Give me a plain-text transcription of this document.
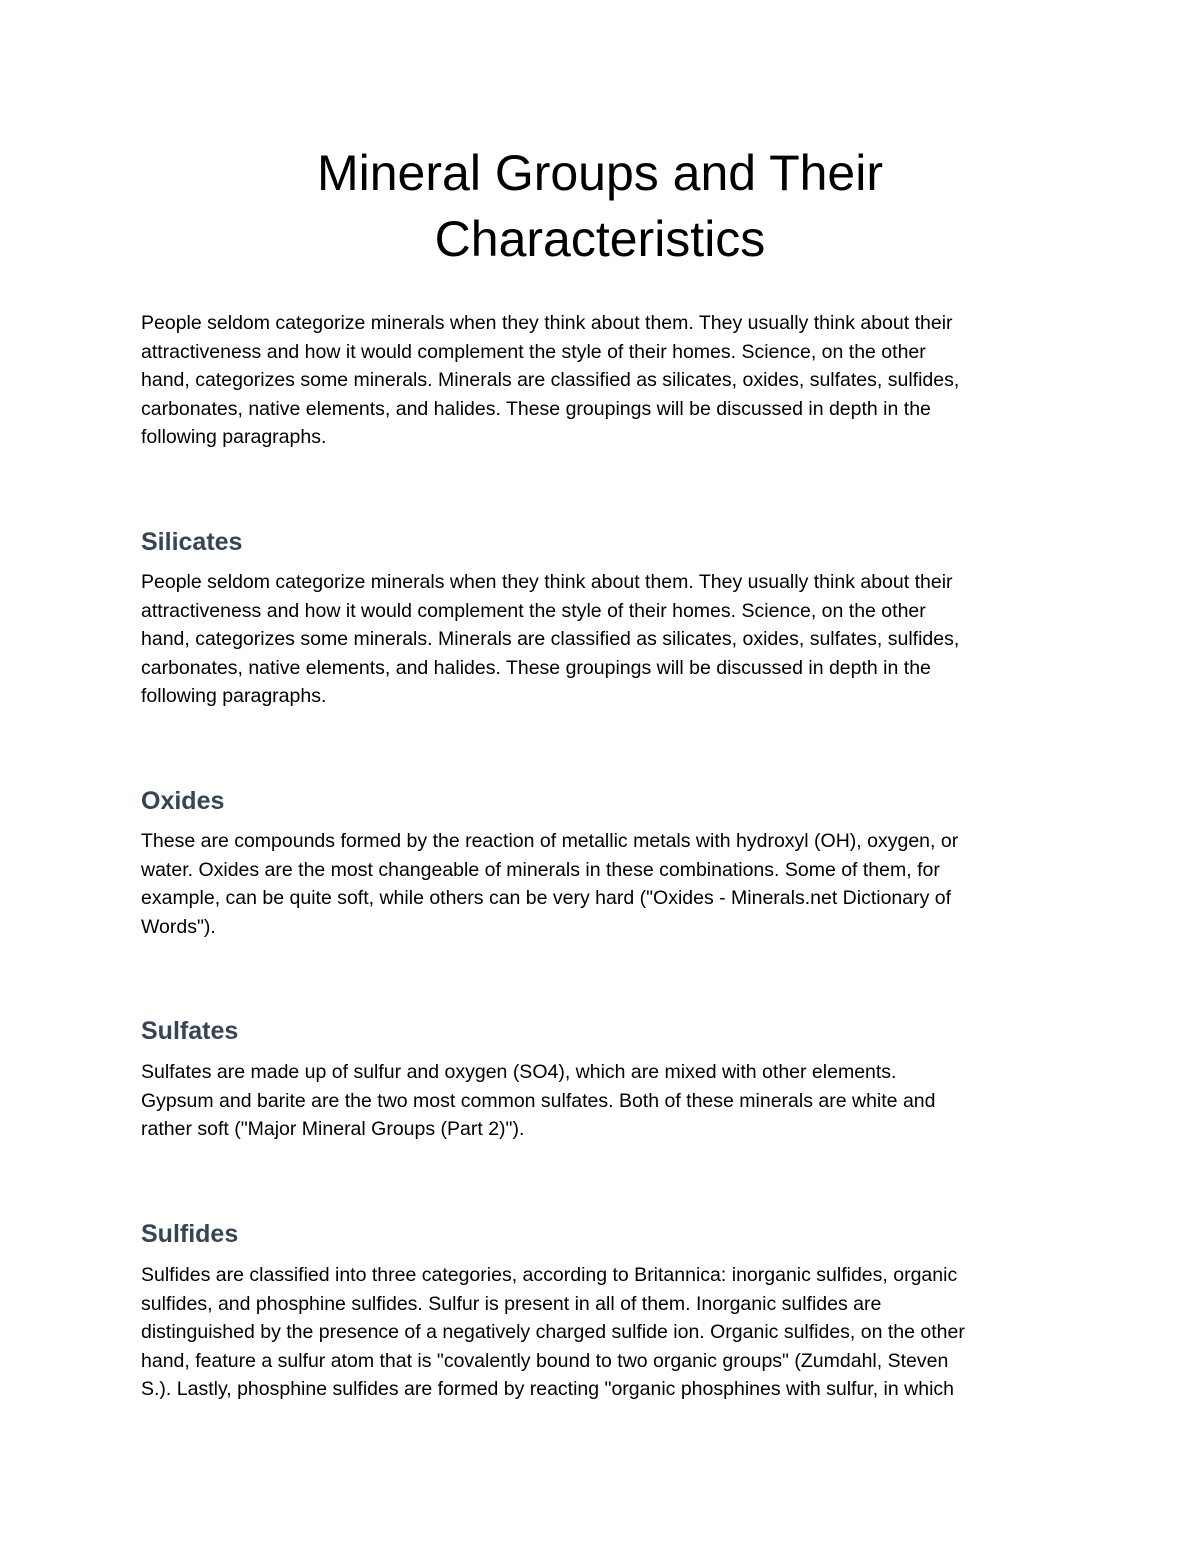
Mineral Groups and Their
Characteristics

People seldom categorize minerals when they think about them. They usually think about their
attractiveness and how it would complement the style of their homes. Science, on the other
hand, categorizes some minerals. Minerals are classified as silicates, oxides, sulfates, sulfides,
carbonates, native elements, and halides. These groupings will be discussed in depth in the
following paragraphs.

Silicates

People seldom categorize minerals when they think about them. They usually think about their
attractiveness and how it would complement the style of their homes. Science, on the other
hand, categorizes some minerals. Minerals are classified as silicates, oxides, sulfates, sulfides,
carbonates, native elements, and halides. These groupings will be discussed in depth in the
following paragraphs.

Oxides

These are compounds formed by the reaction of metallic metals with hydroxyl (OH), oxygen, or
water. Oxides are the most changeable of minerals in these combinations. Some of them, for
example, can be quite soft, while others can be very hard ("Oxides - Minerals.net Dictionary of
Words").

Sulfates

Sulfates are made up of sulfur and oxygen (SO4), which are mixed with other elements.
Gypsum and barite are the two most common sulfates. Both of these minerals are white and
rather soft ("Major Mineral Groups (Part 2)").

Sulfides

Sulfides are classified into three categories, according to Britannica: inorganic sulfides, organic
sulfides, and phosphine sulfides. Sulfur is present in all of them. Inorganic sulfides are
distinguished by the presence of a negatively charged sulfide ion. Organic sulfides, on the other
hand, feature a sulfur atom that is "covalently bound to two organic groups" (Zumdahl, Steven
S.). Lastly, phosphine sulfides are formed by reacting "organic phosphines with sulfur, in which
